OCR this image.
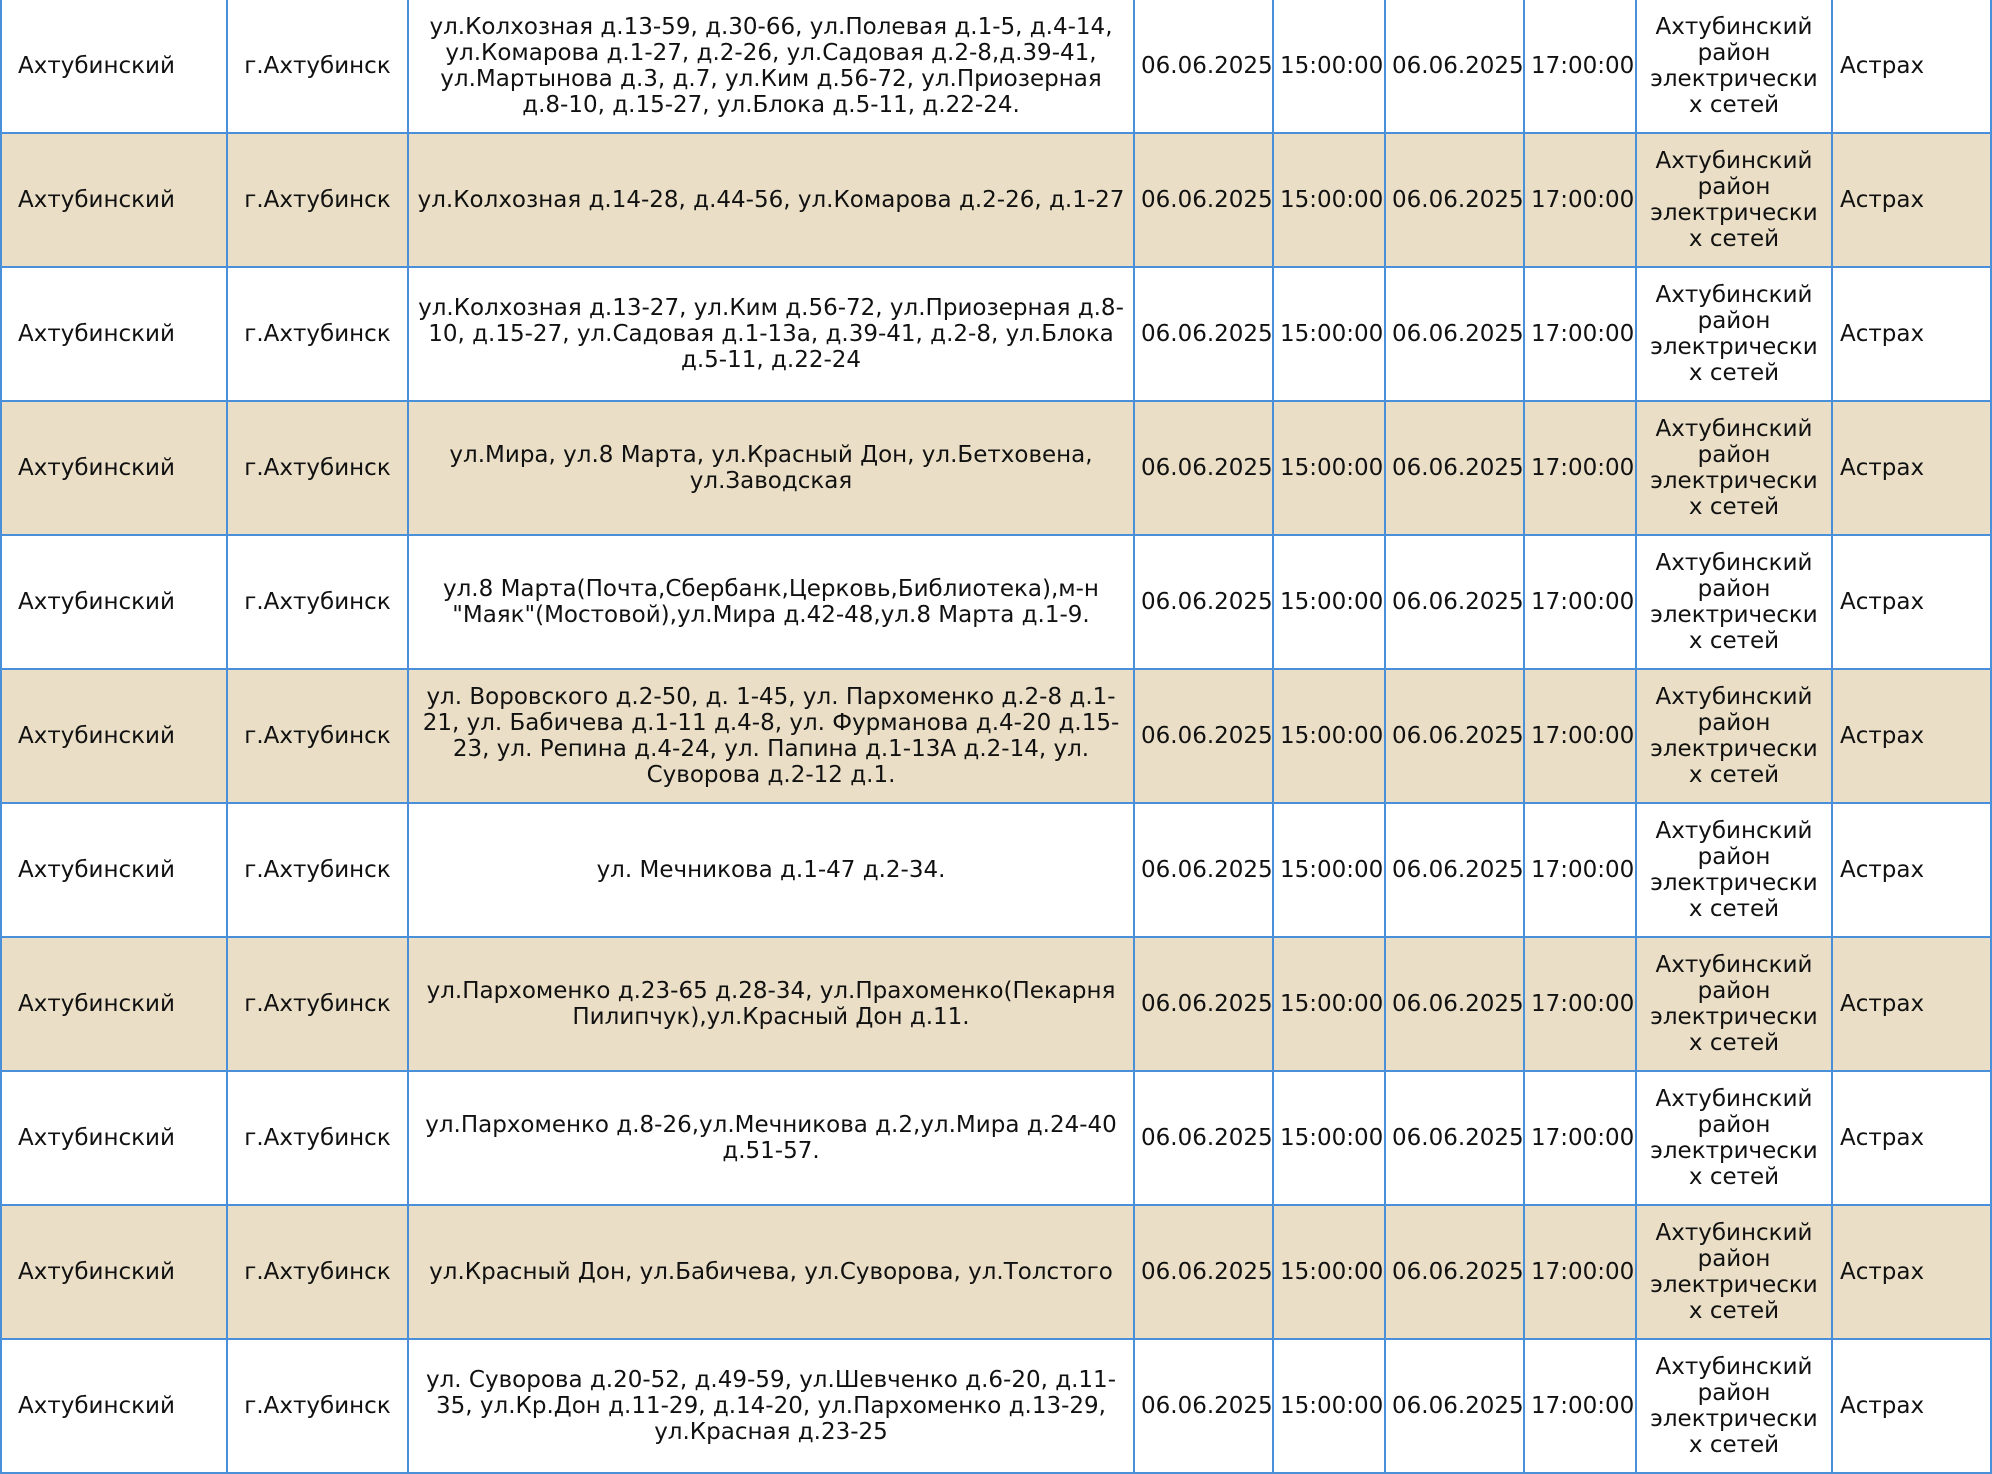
Ахтубинский	г.Ахтубинск	ул.Колхозная д.13-59, д.30-66, ул.Полевая д.1-5, д.4-14, ул.Комарова д.1-27, д.2-26, ул.Садовая д.2-8,д.39-41, ул.Мартынова д.3, д.7, ул.Ким д.56-72, ул.Приозерная д.8-10, д.15-27, ул.Блока д.5-11, д.22-24.	06.06.2025	15:00:00	06.06.2025	17:00:00	Ахтубинский район электрических сетей	Астрах
Ахтубинский	г.Ахтубинск	ул.Колхозная д.14-28, д.44-56, ул.Комарова д.2-26, д.1-27	06.06.2025	15:00:00	06.06.2025	17:00:00	Ахтубинский район электрических сетей	Астрах
Ахтубинский	г.Ахтубинск	ул.Колхозная д.13-27, ул.Ким д.56-72, ул.Приозерная д.8-10, д.15-27, ул.Садовая д.1-13а, д.39-41, д.2-8, ул.Блока д.5-11, д.22-24	06.06.2025	15:00:00	06.06.2025	17:00:00	Ахтубинский район электрических сетей	Астрах
Ахтубинский	г.Ахтубинск	ул.Мира, ул.8 Марта, ул.Красный Дон, ул.Бетховена, ул.Заводская	06.06.2025	15:00:00	06.06.2025	17:00:00	Ахтубинский район электрических сетей	Астрах
Ахтубинский	г.Ахтубинск	ул.8 Марта(Почта,Сбербанк,Церковь,Библиотека),м-н "Маяк"(Мостовой),ул.Мира д.42-48,ул.8 Марта д.1-9.	06.06.2025	15:00:00	06.06.2025	17:00:00	Ахтубинский район электрических сетей	Астрах
Ахтубинский	г.Ахтубинск	ул. Воровского д.2-50, д. 1-45, ул. Пархоменко д.2-8 д.1-21, ул. Бабичева д.1-11 д.4-8, ул. Фурманова д.4-20 д.15-23, ул. Репина д.4-24, ул. Папина д.1-13А д.2-14, ул. Суворова д.2-12 д.1.	06.06.2025	15:00:00	06.06.2025	17:00:00	Ахтубинский район электрических сетей	Астрах
Ахтубинский	г.Ахтубинск	ул. Мечникова д.1-47 д.2-34.	06.06.2025	15:00:00	06.06.2025	17:00:00	Ахтубинский район электрических сетей	Астрах
Ахтубинский	г.Ахтубинск	ул.Пархоменко д.23-65 д.28-34, ул.Прахоменко(Пекарня Пилипчук),ул.Красный Дон д.11.	06.06.2025	15:00:00	06.06.2025	17:00:00	Ахтубинский район электрических сетей	Астрах
Ахтубинский	г.Ахтубинск	ул.Пархоменко д.8-26,ул.Мечникова д.2,ул.Мира д.24-40 д.51-57.	06.06.2025	15:00:00	06.06.2025	17:00:00	Ахтубинский район электрических сетей	Астрах
Ахтубинский	г.Ахтубинск	ул.Красный Дон, ул.Бабичева, ул.Суворова, ул.Толстого	06.06.2025	15:00:00	06.06.2025	17:00:00	Ахтубинский район электрических сетей	Астрах
Ахтубинский	г.Ахтубинск	ул. Суворова д.20-52, д.49-59, ул.Шевченко д.6-20, д.11-35, ул.Кр.Дон д.11-29, д.14-20, ул.Пархоменко д.13-29, ул.Красная д.23-25	06.06.2025	15:00:00	06.06.2025	17:00:00	Ахтубинский район электрических сетей	Астрах
